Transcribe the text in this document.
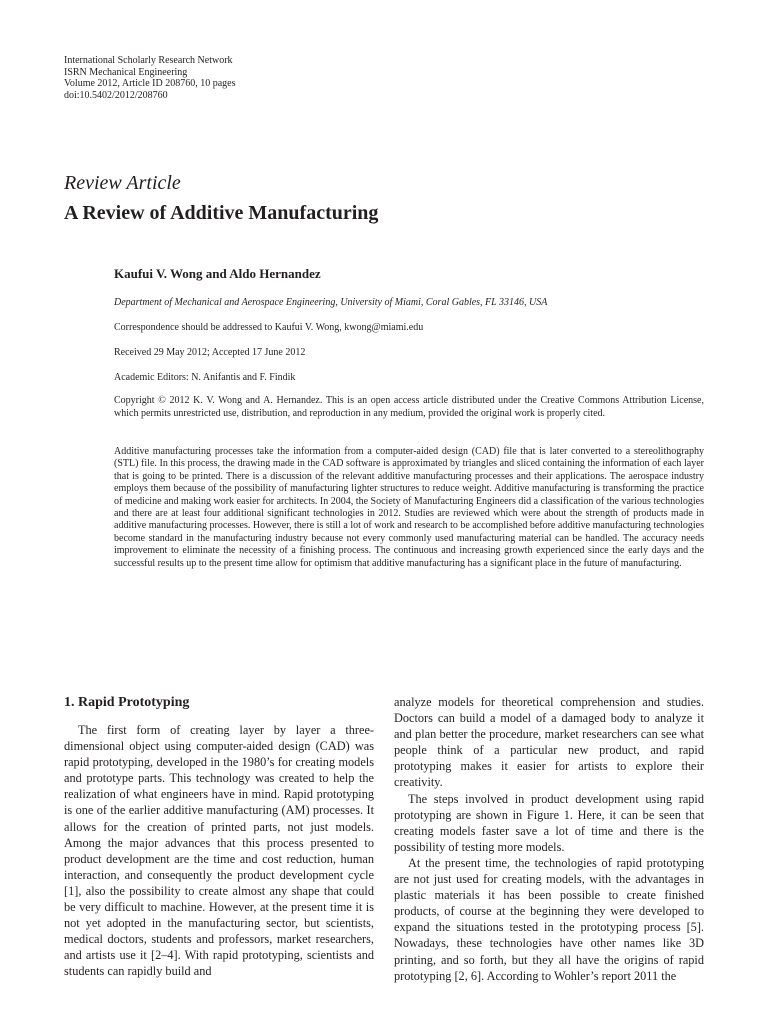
International Scholarly Research Network
ISRN Mechanical Engineering
Volume 2012, Article ID 208760, 10 pages
doi:10.5402/2012/208760
Review Article
A Review of Additive Manufacturing
Kaufui V. Wong and Aldo Hernandez
Department of Mechanical and Aerospace Engineering, University of Miami, Coral Gables, FL 33146, USA
Correspondence should be addressed to Kaufui V. Wong, kwong@miami.edu
Received 29 May 2012; Accepted 17 June 2012
Academic Editors: N. Anifantis and F. Findik
Copyright © 2012 K. V. Wong and A. Hernandez. This is an open access article distributed under the Creative Commons Attribution License, which permits unrestricted use, distribution, and reproduction in any medium, provided the original work is properly cited.

Additive manufacturing processes take the information from a computer-aided design (CAD) file that is later converted to a stereolithography (STL) file. In this process, the drawing made in the CAD software is approximated by triangles and sliced containing the information of each layer that is going to be printed. There is a discussion of the relevant additive manufacturing processes and their applications. The aerospace industry employs them because of the possibility of manufacturing lighter structures to reduce weight. Additive manufacturing is transforming the practice of medicine and making work easier for architects. In 2004, the Society of Manufacturing Engineers did a classification of the various technologies and there are at least four additional significant technologies in 2012. Studies are reviewed which were about the strength of products made in additive manufacturing processes. However, there is still a lot of work and research to be accomplished before additive manufacturing technologies become standard in the manufacturing industry because not every commonly used manufacturing material can be handled. The accuracy needs improvement to eliminate the necessity of a finishing process. The continuous and increasing growth experienced since the early days and the successful results up to the present time allow for optimism that additive manufacturing has a significant place in the future of manufacturing.

1. Rapid Prototyping

The first form of creating layer by layer a three-dimensional object using computer-aided design (CAD) was rapid prototyping, developed in the 1980’s for creating models and prototype parts. This technology was created to help the realization of what engineers have in mind. Rapid prototyping is one of the earlier additive manufacturing (AM) processes. It allows for the creation of printed parts, not just models. Among the major advances that this process presented to product development are the time and cost reduction, human interaction, and consequently the product development cycle [1], also the possibility to create almost any shape that could be very difficult to machine. However, at the present time it is not yet adopted in the manufacturing sector, but scientists, medical doctors, students and professors, market researchers, and artists use it [2–4]. With rapid prototyping, scientists and students can rapidly build and

analyze models for theoretical comprehension and studies. Doctors can build a model of a damaged body to analyze it and plan better the procedure, market researchers can see what people think of a particular new product, and rapid prototyping makes it easier for artists to explore their creativity.

The steps involved in product development using rapid prototyping are shown in Figure 1. Here, it can be seen that creating models faster save a lot of time and there is the possibility of testing more models.

At the present time, the technologies of rapid prototyping are not just used for creating models, with the advantages in plastic materials it has been possible to create finished products, of course at the beginning they were developed to expand the situations tested in the prototyping process [5]. Nowadays, these technologies have other names like 3D printing, and so forth, but they all have the origins of rapid prototyping [2, 6]. According to Wohler’s report 2011 the
